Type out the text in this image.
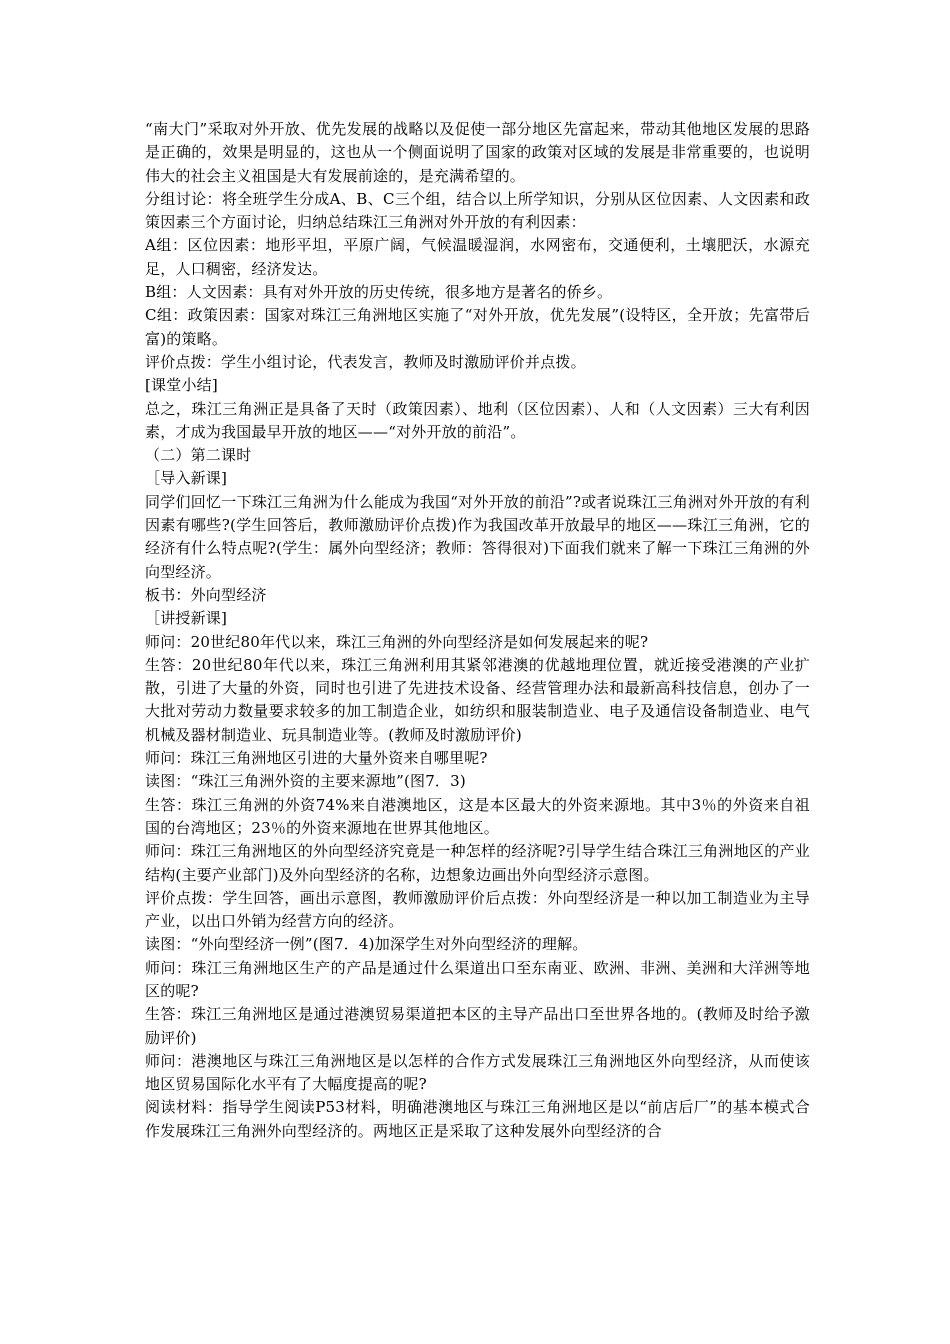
“南大门”采取对外开放、优先发展的战略以及促使一部分地区先富起来，带动其他地区发展的思路是正确的，效果是明显的，这也从一个侧面说明了国家的政策对区域的发展是非常重要的，也说明伟大的社会主义祖国是大有发展前途的，是充满希望的。

分组讨论：将全班学生分成A、B、C三个组，结合以上所学知识，分别从区位因素、人文因素和政策因素三个方面讨论，归纳总结珠江三角洲对外开放的有利因素：

A组：区位因素：地形平坦，平原广阔，气候温暖湿润，水网密布，交通便利，土壤肥沃，水源充足，人口稠密，经济发达。

B组：人文因素：具有对外开放的历史传统，很多地方是著名的侨乡。

C组：政策因素：国家对珠江三角洲地区实施了“对外开放，优先发展”(设特区，全开放；先富带后富)的策略。

评价点拨：学生小组讨论，代表发言，教师及时激励评价并点拨。

[课堂小结]

总之，珠江三角洲正是具备了天时（政策因素）、地利（区位因素）、人和（人文因素）三大有利因素，才成为我国最早开放的地区——“对外开放的前沿”。

（二）第二课时

［导入新课]

同学们回忆一下珠江三角洲为什么能成为我国“对外开放的前沿”?或者说珠江三角洲对外开放的有利因素有哪些?(学生回答后，教师激励评价点拨)作为我国改革开放最早的地区——珠江三角洲，它的经济有什么特点呢?(学生：属外向型经济；教师：答得很对)下面我们就来了解一下珠江三角洲的外向型经济。

板书：外向型经济

［讲授新课]

师问：20世纪80年代以来，珠江三角洲的外向型经济是如何发展起来的呢?

生答：20世纪80年代以来，珠江三角洲利用其紧邻港澳的优越地理位置，就近接受港澳的产业扩散，引进了大量的外资，同时也引进了先进技术设备、经营管理办法和最新高科技信息，创办了一大批对劳动力数量要求较多的加工制造企业，如纺织和服装制造业、电子及通信设备制造业、电气机械及器材制造业、玩具制造业等。(教师及时激励评价)

师问：珠江三角洲地区引进的大量外资来自哪里呢?

读图：“珠江三角洲外资的主要来源地”(图7．3)

生答：珠江三角洲的外资74%来自港澳地区，这是本区最大的外资来源地。其中3％的外资来自祖国的台湾地区；23％的外资来源地在世界其他地区。

师问：珠江三角洲地区的外向型经济究竟是一种怎样的经济呢?引导学生结合珠江三角洲地区的产业结构(主要产业部门)及外向型经济的名称，边想象边画出外向型经济示意图。

评价点拨：学生回答，画出示意图，教师激励评价后点拨：外向型经济是一种以加工制造业为主导产业，以出口外销为经营方向的经济。

读图：“外向型经济一例”(图7．4)加深学生对外向型经济的理解。

师问：珠江三角洲地区生产的产品是通过什么渠道出口至东南亚、欧洲、非洲、美洲和大洋洲等地区的呢?

生答：珠江三角洲地区是通过港澳贸易渠道把本区的主导产品出口至世界各地的。(教师及时给予激励评价)

师问：港澳地区与珠江三角洲地区是以怎样的合作方式发展珠江三角洲地区外向型经济，从而使该地区贸易国际化水平有了大幅度提高的呢?

阅读材料：指导学生阅读P53材料，明确港澳地区与珠江三角洲地区是以“前店后厂”的基本模式合作发展珠江三角洲外向型经济的。两地区正是采取了这种发展外向型经济的合
